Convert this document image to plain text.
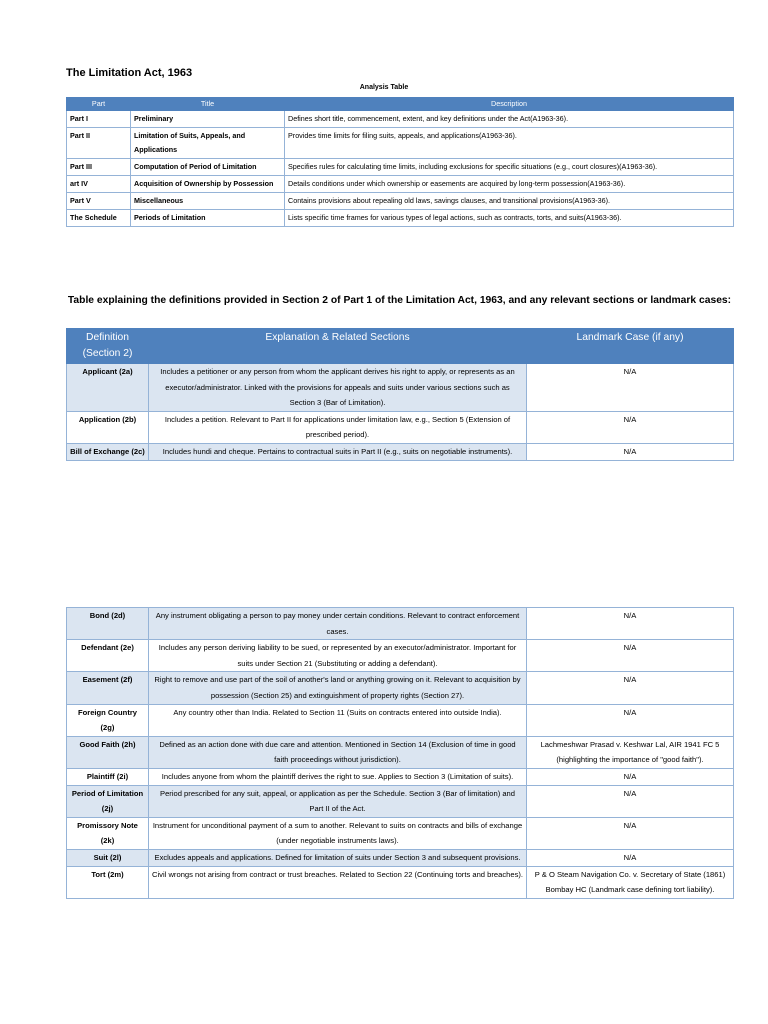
The Limitation Act, 1963
Analysis Table
Part	Title	Description
Part I	Preliminary	Defines short title, commencement, extent, and key definitions under the Act(A1963-36).
Part II	Limitation of Suits, Appeals, and Applications	Provides time limits for filing suits, appeals, and applications(A1963-36).
Part III	Computation of Period of Limitation	Specifies rules for calculating time limits, including exclusions for specific situations (e.g., court closures)(A1963-36).
art IV	Acquisition of Ownership by Possession	Details conditions under which ownership or easements are acquired by long-term possession(A1963-36).
Part V	Miscellaneous	Contains provisions about repealing old laws, savings clauses, and transitional provisions(A1963-36).
The Schedule	Periods of Limitation	Lists specific time frames for various types of legal actions, such as contracts, torts, and suits(A1963-36).
Table explaining the definitions provided in Section 2 of Part 1 of the Limitation Act, 1963, and any relevant sections or landmark cases:
Definition (Section 2)	Explanation & Related Sections	Landmark Case (if any)
Applicant (2a)	Includes a petitioner or any person from whom the applicant derives his right to apply, or represents as an executor/administrator. Linked with the provisions for appeals and suits under various sections such as Section 3 (Bar of Limitation).	N/A
Application (2b)	Includes a petition. Relevant to Part II for applications under limitation law, e.g., Section 5 (Extension of prescribed period).	N/A
Bill of Exchange (2c)	Includes hundi and cheque. Pertains to contractual suits in Part II (e.g., suits on negotiable instruments).	N/A
Bond (2d)	Any instrument obligating a person to pay money under certain conditions. Relevant to contract enforcement cases.	N/A
Defendant (2e)	Includes any person deriving liability to be sued, or represented by an executor/administrator. Important for suits under Section 21 (Substituting or adding a defendant).	N/A
Easement (2f)	Right to remove and use part of the soil of another's land or anything growing on it. Relevant to acquisition by possession (Section 25) and extinguishment of property rights (Section 27).	N/A
Foreign Country (2g)	Any country other than India. Related to Section 11 (Suits on contracts entered into outside India).	N/A
Good Faith (2h)	Defined as an action done with due care and attention. Mentioned in Section 14 (Exclusion of time in good faith proceedings without jurisdiction).	Lachmeshwar Prasad v. Keshwar Lal, AIR 1941 FC 5 (highlighting the importance of "good faith").
Plaintiff (2i)	Includes anyone from whom the plaintiff derives the right to sue. Applies to Section 3 (Limitation of suits).	N/A
Period of Limitation (2j)	Period prescribed for any suit, appeal, or application as per the Schedule. Section 3 (Bar of limitation) and Part II of the Act.	N/A
Promissory Note (2k)	Instrument for unconditional payment of a sum to another. Relevant to suits on contracts and bills of exchange (under negotiable instruments laws).	N/A
Suit (2l)	Excludes appeals and applications. Defined for limitation of suits under Section 3 and subsequent provisions.	N/A
Tort (2m)	Civil wrongs not arising from contract or trust breaches. Related to Section 22 (Continuing torts and breaches).	P & O Steam Navigation Co. v. Secretary of State (1861) Bombay HC (Landmark case defining tort liability).
